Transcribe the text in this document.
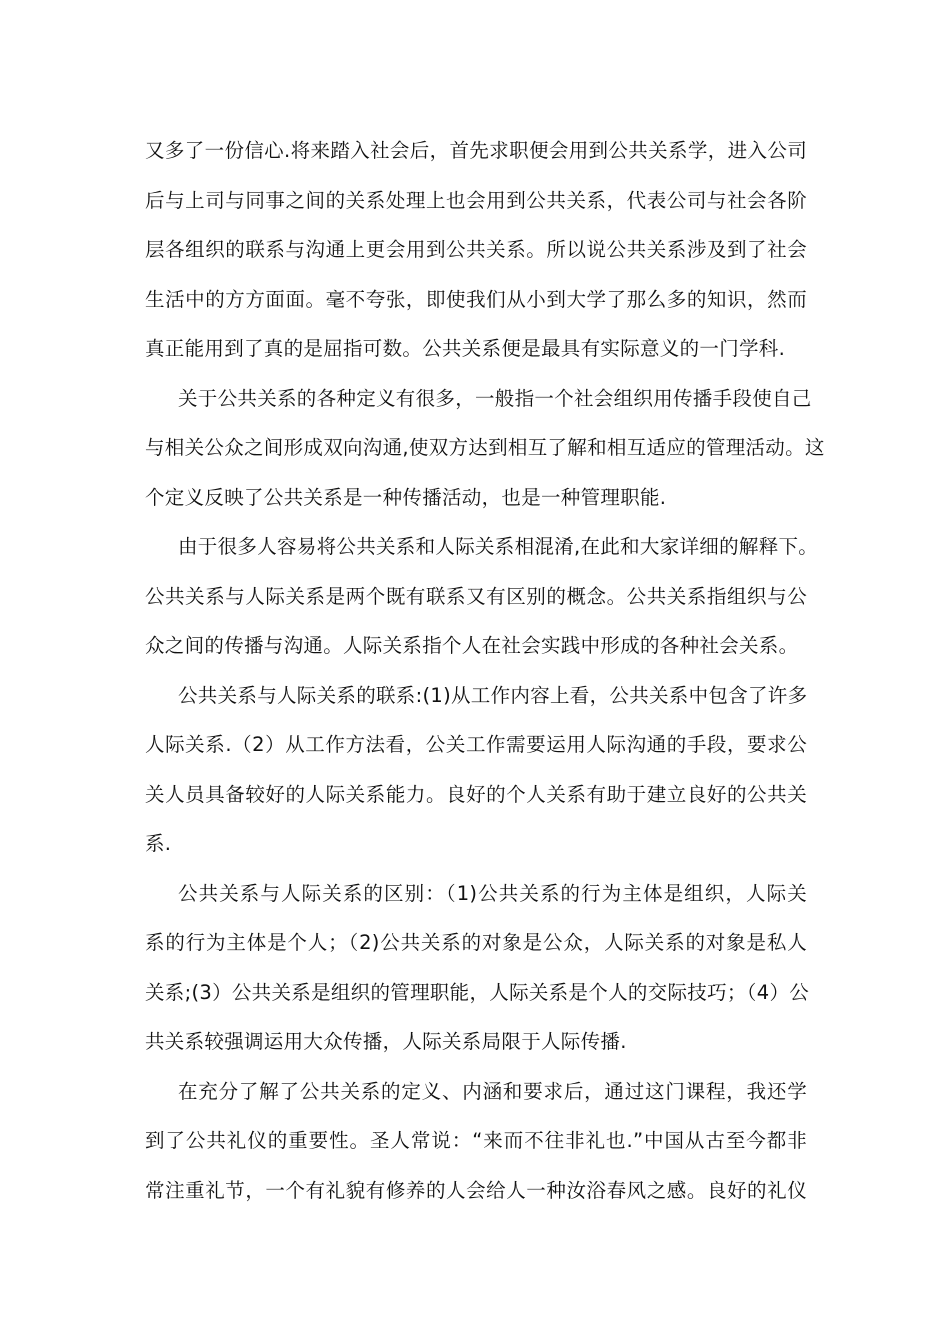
又多了一份信心.将来踏入社会后，首先求职便会用到公共关系学，进入公司
后与上司与同事之间的关系处理上也会用到公共关系，代表公司与社会各阶
层各组织的联系与沟通上更会用到公共关系。所以说公共关系涉及到了社会
生活中的方方面面。毫不夸张，即使我们从小到大学了那么多的知识，然而
真正能用到了真的是屈指可数。公共关系便是最具有实际意义的一门学科.
关于公共关系的各种定义有很多，一般指一个社会组织用传播手段使自己
与相关公众之间形成双向沟通,使双方达到相互了解和相互适应的管理活动。这
个定义反映了公共关系是一种传播活动，也是一种管理职能.
由于很多人容易将公共关系和人际关系相混淆,在此和大家详细的解释下。
公共关系与人际关系是两个既有联系又有区别的概念。公共关系指组织与公
众之间的传播与沟通。人际关系指个人在社会实践中形成的各种社会关系。
公共关系与人际关系的联系:(1)从工作内容上看，公共关系中包含了许多
人际关系.（2）从工作方法看，公关工作需要运用人际沟通的手段，要求公
关人员具备较好的人际关系能力。良好的个人关系有助于建立良好的公共关
系.
公共关系与人际关系的区别：（1)公共关系的行为主体是组织，人际关
系的行为主体是个人；（2)公共关系的对象是公众，人际关系的对象是私人
关系;(3）公共关系是组织的管理职能，人际关系是个人的交际技巧；（4）公
共关系较强调运用大众传播，人际关系局限于人际传播.
在充分了解了公共关系的定义、内涵和要求后，通过这门课程，我还学
到了公共礼仪的重要性。圣人常说：“来而不往非礼也.”中国从古至今都非
常注重礼节，一个有礼貌有修养的人会给人一种汝浴春风之感。良好的礼仪
